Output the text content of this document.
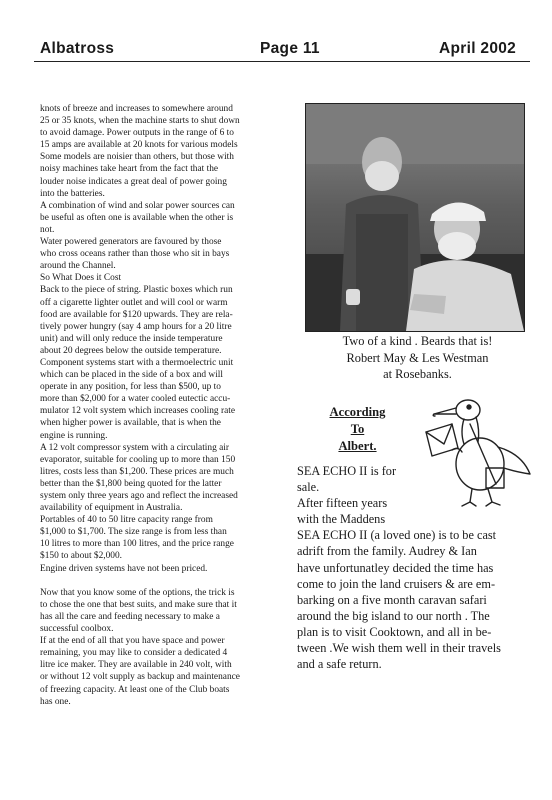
Albatross	Page 11	April 2002

knots of breeze and increases to somewhere around

25 or 35 knots, when the machine starts to shut down

to avoid damage. Power outputs in the range of 6 to

15 amps are available at 20 knots for various models

Some models are noisier than others, but those with

noisy machines take heart from the fact that the

louder noise indicates a great deal of power going

into the batteries.

A combination of wind and solar power sources can

be useful as often one is available when the other is

not.

Water powered generators are favoured by those

who cross oceans rather than those who sit in bays

around the Channel.

So What Does it Cost

Back to the piece of string. Plastic boxes which run

off a cigarette lighter outlet and will cool or warm

food are available for $120 upwards. They are rela-

tively power hungry (say 4 amp hours for a 20 litre

unit) and will only reduce the inside temperature

about 20 degrees below the outside temperature.

Component systems start with a thermoelectric unit

which can be placed in the side of a box and will

operate in any position, for less than $500, up to

more than $2,000 for a water cooled eutectic accu-

mulator 12 volt system which increases cooling rate

when higher power is available, that is when the

engine is running.

A 12 volt compressor system with a circulating air

evaporator, suitable for cooling up to more than 150

litres, costs less than $1,200. These prices are much

better than the $1,800 being quoted for the latter

system only three years ago and reflect the increased

availability of equipment in Australia.

Portables of 40 to 50 litre capacity range from

$1,000 to $1,700. The size range is from less than

10 litres to more than 100 litres, and the price range

$150 to about $2,000.

Engine driven systems have not been priced.

Now that you know some of the options, the trick is

to chose the one that best suits, and make sure that it

has all the care and feeding necessary to make a

successful coolbox.

If at the end of all that you have space and power

remaining, you may like to consider a dedicated 4

litre ice maker. They are available in 240 volt, with

or without 12 volt supply as backup and maintenance

of freezing capacity. At least one of the Club boats

has one.

Two of a kind . Beards that is!
Robert May & Les Westman
at Rosebanks.
According
To
Albert.

SEA ECHO II is for

sale.

After fifteen years

with the Maddens

SEA ECHO II (a loved one) is to be cast

adrift from the family. Audrey & Ian

have unfortunatley decided the time has

come to join the land cruisers & are em-

barking on a five month caravan safari

around the big island to our north . The

plan is to visit Cooktown, and all in be-

tween .We wish them well in their travels

and a safe return.
